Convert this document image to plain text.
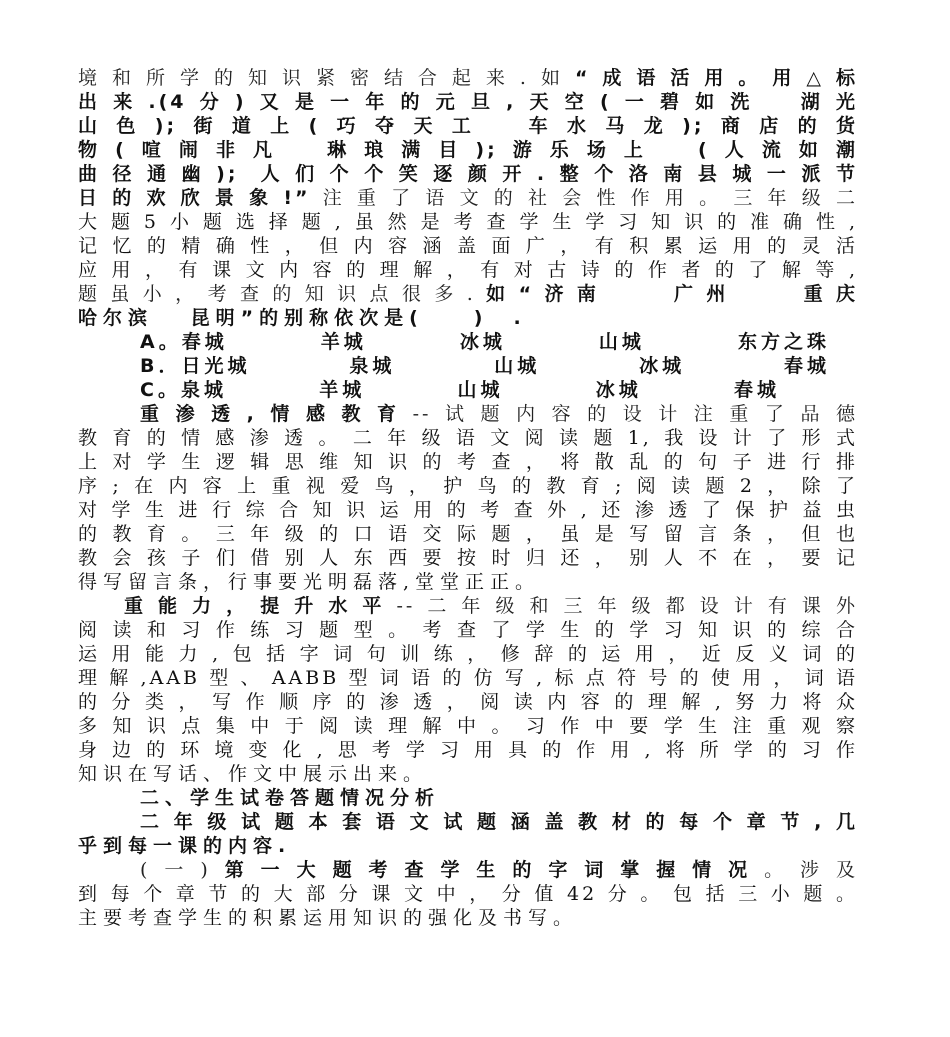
境和所学的知识紧密结合起来.如“成语活用。用△标
出来.(4分)又是一年的元旦,天空(一碧如洗　湖光
山色);街道上(巧夺天工　车水马龙);商店的货
物(喧闹非凡　琳琅满目);游乐场上　(人流如潮
曲径通幽); 人们个个笑逐颜开.整个洛南县城一派节
日的欢欣景象!”注重了语文的社会性作用。三年级二
大题5小题选择题,虽然是考查学生学习知识的准确性,
记忆的精确性，但内容涵盖面广，有积累运用的灵活
应用，有课文内容的理解，有对古诗的作者的了解等,
题虽小，考查的知识点很多.如“济南　　广州　　重庆
哈尔滨　 昆明”的别称依次是(　　)　.
A。春城	羊城	冰城	山城	东方之珠
B．日光城	泉城	山城	冰城	春城
C。泉城	羊城	山城	冰城	春城
重渗透,情感教育--试题内容的设计注重了品德
教育的情感渗透。二年级语文阅读题1,我设计了形式
上对学生逻辑思维知识的考查，将散乱的句子进行排
序;在内容上重视爱鸟，护鸟的教育;阅读题2，除了
对学生进行综合知识运用的考查外,还渗透了保护益虫
的教育。三年级的口语交际题，虽是写留言条，但也
教会孩子们借别人东西要按时归还，别人不在，要记
得写留言条，行事要光明磊落,堂堂正正。
重能力，提升水平--二年级和三年级都设计有课外
阅读和习作练习题型。考查了学生的学习知识的综合
运用能力,包括字词句训练，修辞的运用，近反义词的
理解,AAB型、AABB型词语的仿写,标点符号的使用，词语
的分类，写作顺序的渗透，阅读内容的理解,努力将众
多知识点集中于阅读理解中。习作中要学生注重观察
身边的环境变化,思考学习用具的作用,将所学的习作
知识在写话、作文中展示出来。
二、学生试卷答题情况分析
二年级试题本套语文试题涵盖教材的每个章节,几
乎到每一课的内容.
(一)第一大题考查学生的字词掌握情况。涉及
到每个章节的大部分课文中，分值42分。包括三小题。
主要考查学生的积累运用知识的强化及书写。
